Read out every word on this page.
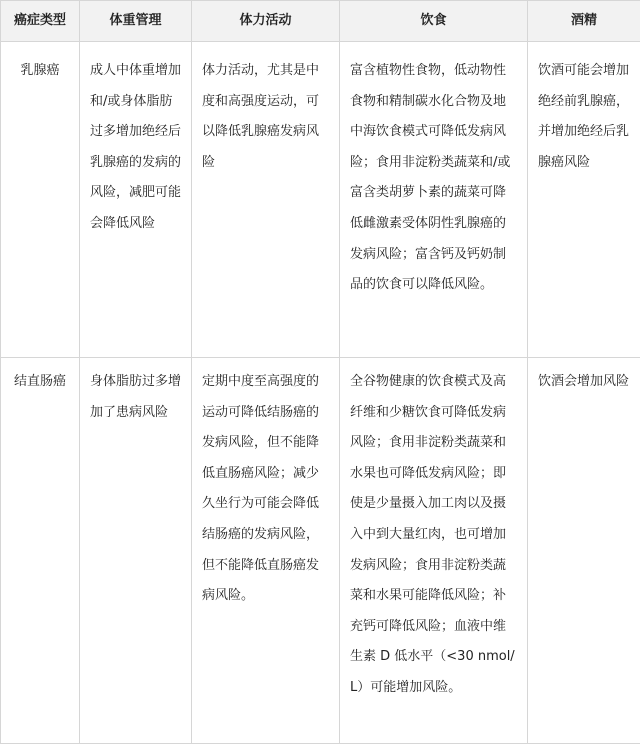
癌症类型	体重管理	体力活动	饮食	酒精

乳腺癌	成人中体重增加和/或身体脂肪过多增加绝经后乳腺癌的发病的风险，减肥可能会降低风险	体力活动，尤其是中度和高强度运动，可以降低乳腺癌发病风险	富含植物性食物，低动物性食物和精制碳水化合物及地中海饮食模式可降低发病风险；食用非淀粉类蔬菜和/或富含类胡萝卜素的蔬菜可降低雌激素受体阴性乳腺癌的发病风险；富含钙及钙奶制品的饮食可以降低风险。	饮酒可能会增加绝经前乳腺癌，并增加绝经后乳腺癌风险

结直肠癌	身体脂肪过多增加了患病风险	定期中度至高强度的运动可降低结肠癌的发病风险，但不能降低直肠癌风险；减少久坐行为可能会降低结肠癌的发病风险，但不能降低直肠癌发病风险。	全谷物健康的饮食模式及高纤维和少糖饮食可降低发病风险；食用非淀粉类蔬菜和水果也可降低发病风险；即使是少量摄入加工肉以及摄入中到大量红肉，也可增加发病风险；食用非淀粉类蔬菜和水果可能降低风险；补充钙可降低风险；血液中维生素 D 低水平（<30 nmol/L）可能增加风险。	饮酒会增加风险
